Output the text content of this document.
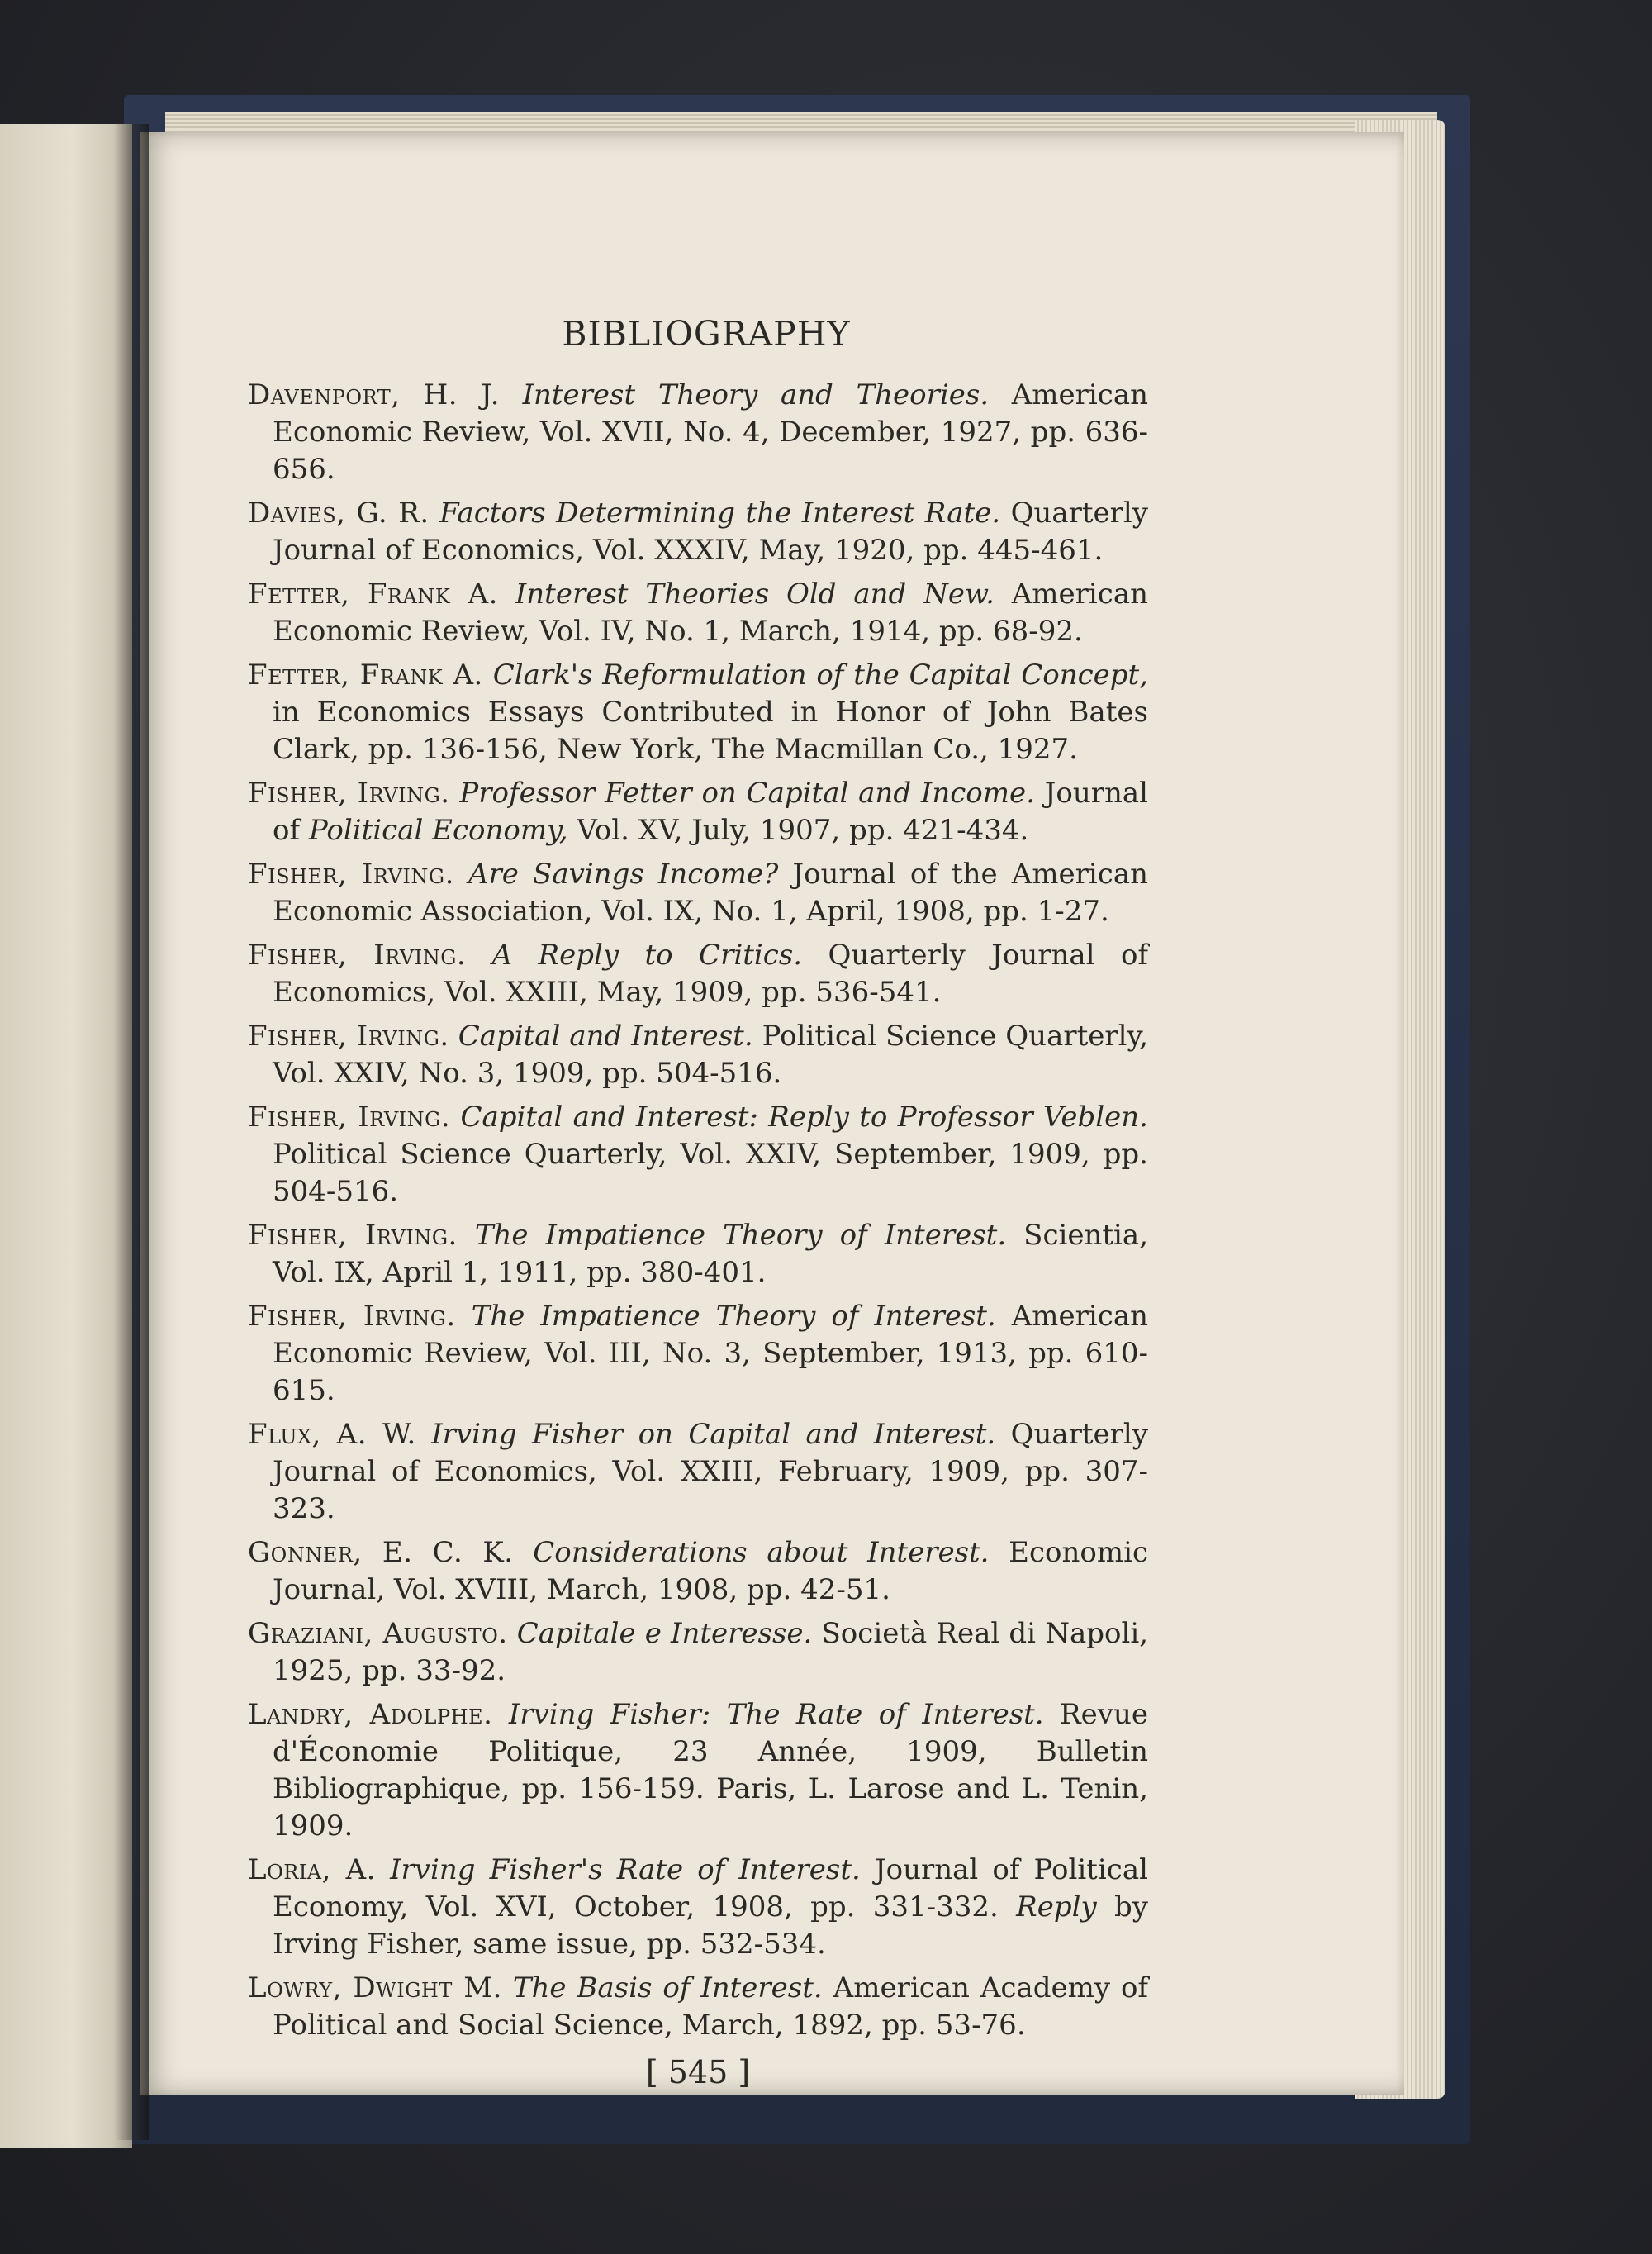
BIBLIOGRAPHY

Davenport, H. J. Interest Theory and Theories. American Economic Review, Vol. XVII, No. 4, December, 1927, pp. 636-656.

Davies, G. R. Factors Determining the Interest Rate. Quarterly Journal of Economics, Vol. XXXIV, May, 1920, pp. 445-461.

Fetter, Frank A. Interest Theories Old and New. American Economic Review, Vol. IV, No. 1, March, 1914, pp. 68-92.

Fetter, Frank A. Clark's Reformulation of the Capital Concept, in Economics Essays Contributed in Honor of John Bates Clark, pp. 136-156, New York, The Macmillan Co., 1927.

Fisher, Irving. Professor Fetter on Capital and Income. Journal of Political Economy, Vol. XV, July, 1907, pp. 421-434.

Fisher, Irving. Are Savings Income? Journal of the American Economic Association, Vol. IX, No. 1, April, 1908, pp. 1-27.

Fisher, Irving. A Reply to Critics. Quarterly Journal of Economics, Vol. XXIII, May, 1909, pp. 536-541.

Fisher, Irving. Capital and Interest. Political Science Quarterly, Vol. XXIV, No. 3, 1909, pp. 504-516.

Fisher, Irving. Capital and Interest: Reply to Professor Veblen. Political Science Quarterly, Vol. XXIV, September, 1909, pp. 504-516.

Fisher, Irving. The Impatience Theory of Interest. Scientia, Vol. IX, April 1, 1911, pp. 380-401.

Fisher, Irving. The Impatience Theory of Interest. American Economic Review, Vol. III, No. 3, September, 1913, pp. 610-615.

Flux, A. W. Irving Fisher on Capital and Interest. Quarterly Journal of Economics, Vol. XXIII, February, 1909, pp. 307-323.

Gonner, E. C. K. Considerations about Interest. Economic Journal, Vol. XVIII, March, 1908, pp. 42-51.

Graziani, Augusto. Capitale e Interesse. Società Real di Napoli, 1925, pp. 33-92.

Landry, Adolphe. Irving Fisher: The Rate of Interest. Revue d'Économie Politique, 23 Année, 1909, Bulletin Bibliographique, pp. 156-159. Paris, L. Larose and L. Tenin, 1909.

Loria, A. Irving Fisher's Rate of Interest. Journal of Political Economy, Vol. XVI, October, 1908, pp. 331-332. Reply by Irving Fisher, same issue, pp. 532-534.

Lowry, Dwight M. The Basis of Interest. American Academy of Political and Social Science, March, 1892, pp. 53-76.

[ 545 ]
